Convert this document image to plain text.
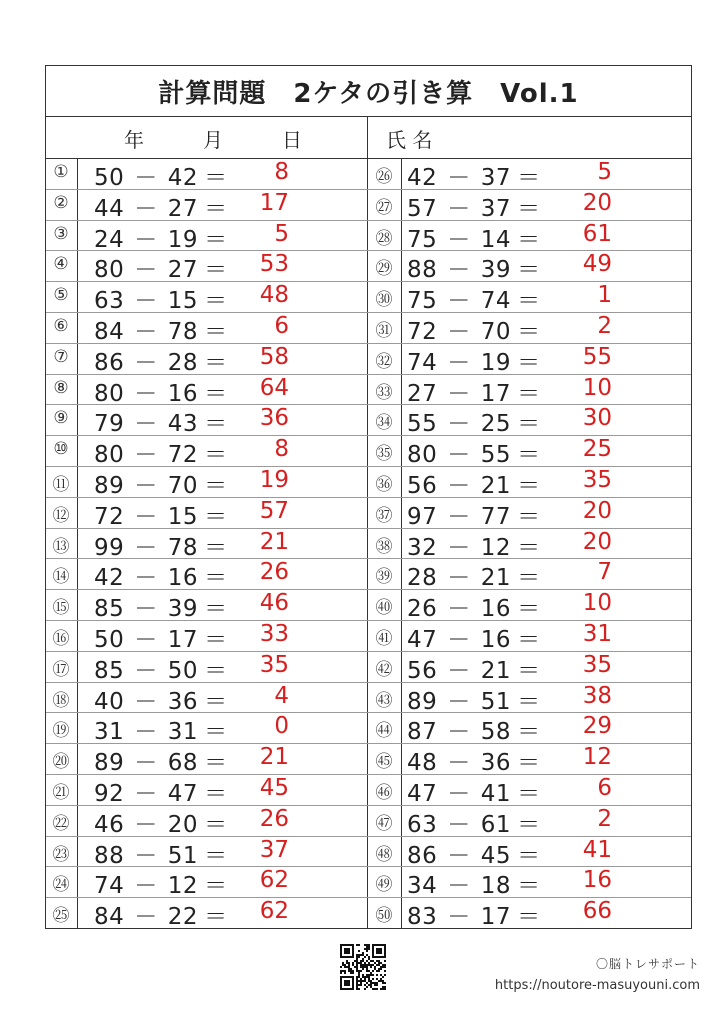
計算問題　2ケタの引き算　Vol.1
年	月	日	氏 名
①	50 － 42 ＝	8
②	44 － 27 ＝	17
③	24 － 19 ＝	5
④	80 － 27 ＝	53
⑤	63 － 15 ＝	48
⑥	84 － 78 ＝	6
⑦	86 － 28 ＝	58
⑧	80 － 16 ＝	64
⑨	79 － 43 ＝	36
⑩	80 － 72 ＝	8
⑪ 89 － 70 ＝	19
⑫ 72 － 15 ＝	57
⑬ 99 － 78 ＝	21
⑭ 42 － 16 ＝	26
⑮ 85 － 39 ＝	46
⑯ 50 － 17 ＝	33
⑰ 85 － 50 ＝	35
⑱ 40 － 36 ＝	4
⑲ 31 － 31 ＝	0
⑳ 89 － 68 ＝	21
㉑ 92 － 47 ＝	45
㉒ 46 － 20 ＝	26
㉓ 88 － 51 ＝	37
㉔ 74 － 12 ＝	62
㉕ 84 － 22 ＝	62
㉖ 42 － 37 ＝	5
㉗ 57 － 37 ＝	20
㉘ 75 － 14 ＝	61
㉙ 88 － 39 ＝	49
㉚ 75 － 74 ＝	1
㉛ 72 － 70 ＝	2
㉜ 74 － 19 ＝	55
㉝ 27 － 17 ＝	10
㉞ 55 － 25 ＝	30
㉟ 80 － 55 ＝	25
㊱ 56 － 21 ＝	35
㊲ 97 － 77 ＝	20
㊳ 32 － 12 ＝	20
㊴ 28 － 21 ＝	7
㊵ 26 － 16 ＝	10
㊶ 47 － 16 ＝	31
㊷ 56 － 21 ＝	35
㊸ 89 － 51 ＝	38
㊹ 87 － 58 ＝	29
㊺ 48 － 36 ＝	12
㊻ 47 － 41 ＝	6
㊼ 63 － 61 ＝	2
㊽ 86 － 45 ＝	41
㊾ 34 － 18 ＝	16
㊿ 83 － 17 ＝	66
〇脳トレサポート
https://noutore-masuyouni.com
